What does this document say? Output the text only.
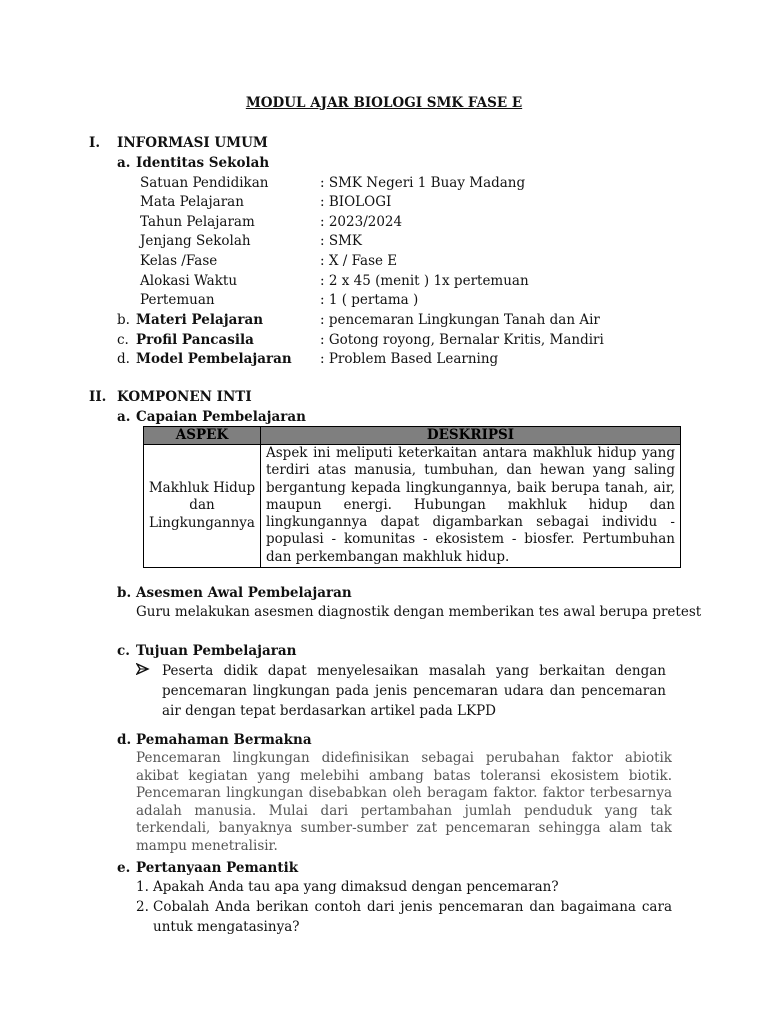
MODUL AJAR BIOLOGI SMK FASE E
I. INFORMASI UMUM
a. Identitas Sekolah
Satuan Pendidikan	: SMK Negeri 1 Buay Madang
Mata Pelajaran	: BIOLOGI
Tahun Pelajaram	: 2023/2024
Jenjang Sekolah	: SMK
Kelas /Fase	: X / Fase E
Alokasi Waktu	: 2 x 45 (menit ) 1x pertemuan
Pertemuan	: 1 ( pertama )
b. Materi Pelajaran	: pencemaran Lingkungan Tanah dan Air
c. Profil Pancasila	: Gotong royong, Bernalar Kritis, Mandiri
d. Model Pembelajaran : Problem Based Learning
II. KOMPONEN INTI
a. Capaian Pembelajaran
ASPEK	DESKRIPSI
Makhluk Hidup dan Lingkungannya	Aspek ini meliputi keterkaitan antara makhluk hidup yang terdiri atas manusia, tumbuhan, dan hewan yang saling bergantung kepada lingkungannya, baik berupa tanah, air, maupun energi. Hubungan makhluk hidup dan lingkungannya dapat digambarkan sebagai individu - populasi - komunitas - ekosistem - biosfer. Pertumbuhan dan perkembangan makhluk hidup.
b. Asesmen Awal Pembelajaran
Guru melakukan asesmen diagnostik dengan memberikan tes awal berupa pretest
c. Tujuan Pembelajaran
Peserta didik dapat menyelesaikan masalah yang berkaitan dengan pencemaran lingkungan pada jenis pencemaran udara dan pencemaran air dengan tepat berdasarkan artikel pada LKPD
d. Pemahaman Bermakna
Pencemaran lingkungan didefinisikan sebagai perubahan faktor abiotik akibat kegiatan yang melebihi ambang batas toleransi ekosistem biotik. Pencemaran lingkungan disebabkan oleh beragam faktor. faktor terbesarnya adalah manusia. Mulai dari pertambahan jumlah penduduk yang tak terkendali, banyaknya sumber-sumber zat pencemaran sehingga alam tak mampu menetralisir.
e. Pertanyaan Pemantik
1. Apakah Anda tau apa yang dimaksud dengan pencemaran?
2. Cobalah Anda berikan contoh dari jenis pencemaran dan bagaimana cara untuk mengatasinya?
